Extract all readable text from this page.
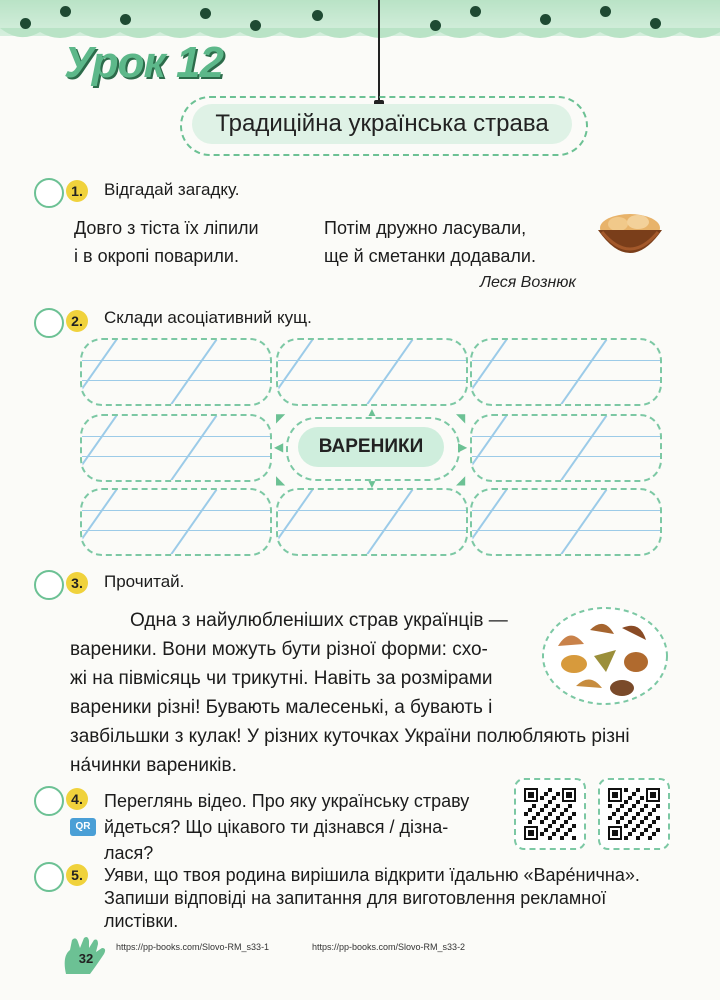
Урок 12
Традиційна українська страва
1.	Відгадай загадку.
Довго з тіста їх ліпили
і в окропі поварили.
Потім дружно ласували,
ще й сметанки додавали.
Леся Вознюк
2.	Склади асоціативний кущ.
ВАРЕНИКИ
▲
▼
◀	▶
◤	◥
◣	◢
3.	Прочитай.
Одна з найулюбленіших страв українців —
вареники. Вони можуть бути різної форми: схо-
жі на півмісяць чи трикутні. Навіть за розмірами
вареники різні! Бувають малесенькі, а бувають і
завбільшки з кулак! У різних куточках України полюбляють різні
на́чинки вареників.
4.
QR
Переглянь відео. Про яку українську страву
йдеться? Що цікавого ти дізнався / дізна-
лася?
5. Уяви, що твоя родина вирішила відкрити їдальню «Варе́нична».
Запиши відповіді на запитання для виготовлення рекламної
листівки.
32
https://pp-books.com/Slovo-RM_s33-1	https://pp-books.com/Slovo-RM_s33-2
